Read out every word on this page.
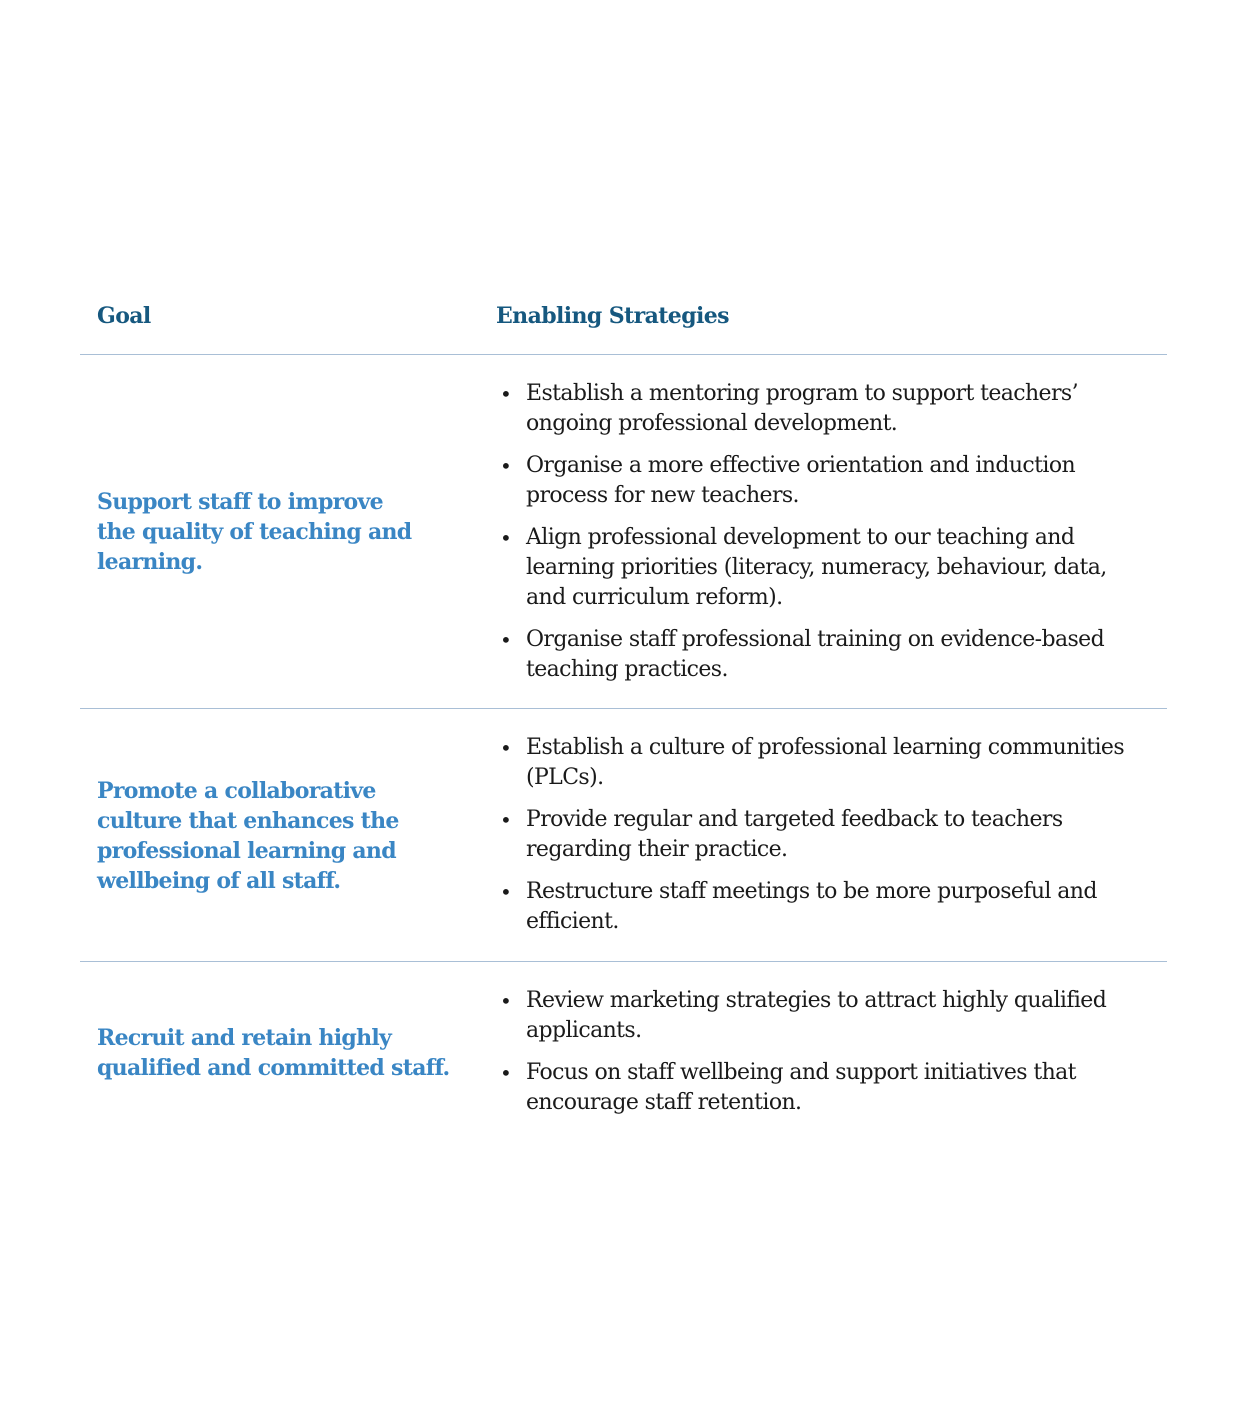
Goal	Enabling Strategies
Support staff to improve the quality of teaching and learning.
• Establish a mentoring program to support teachers’ ongoing professional development.
• Organise a more effective orientation and induction process for new teachers.
• Align professional development to our teaching and learning priorities (literacy, numeracy, behaviour, data, and curriculum reform).
• Organise staff professional training on evidence-based teaching practices.
Promote a collaborative culture that enhances the professional learning and wellbeing of all staff.
• Establish a culture of professional learning communities (PLCs).
• Provide regular and targeted feedback to teachers regarding their practice.
• Restructure staff meetings to be more purposeful and efficient.
Recruit and retain highly qualified and committed staff.
• Review marketing strategies to attract highly qualified applicants.
• Focus on staff wellbeing and support initiatives that encourage staff retention.
